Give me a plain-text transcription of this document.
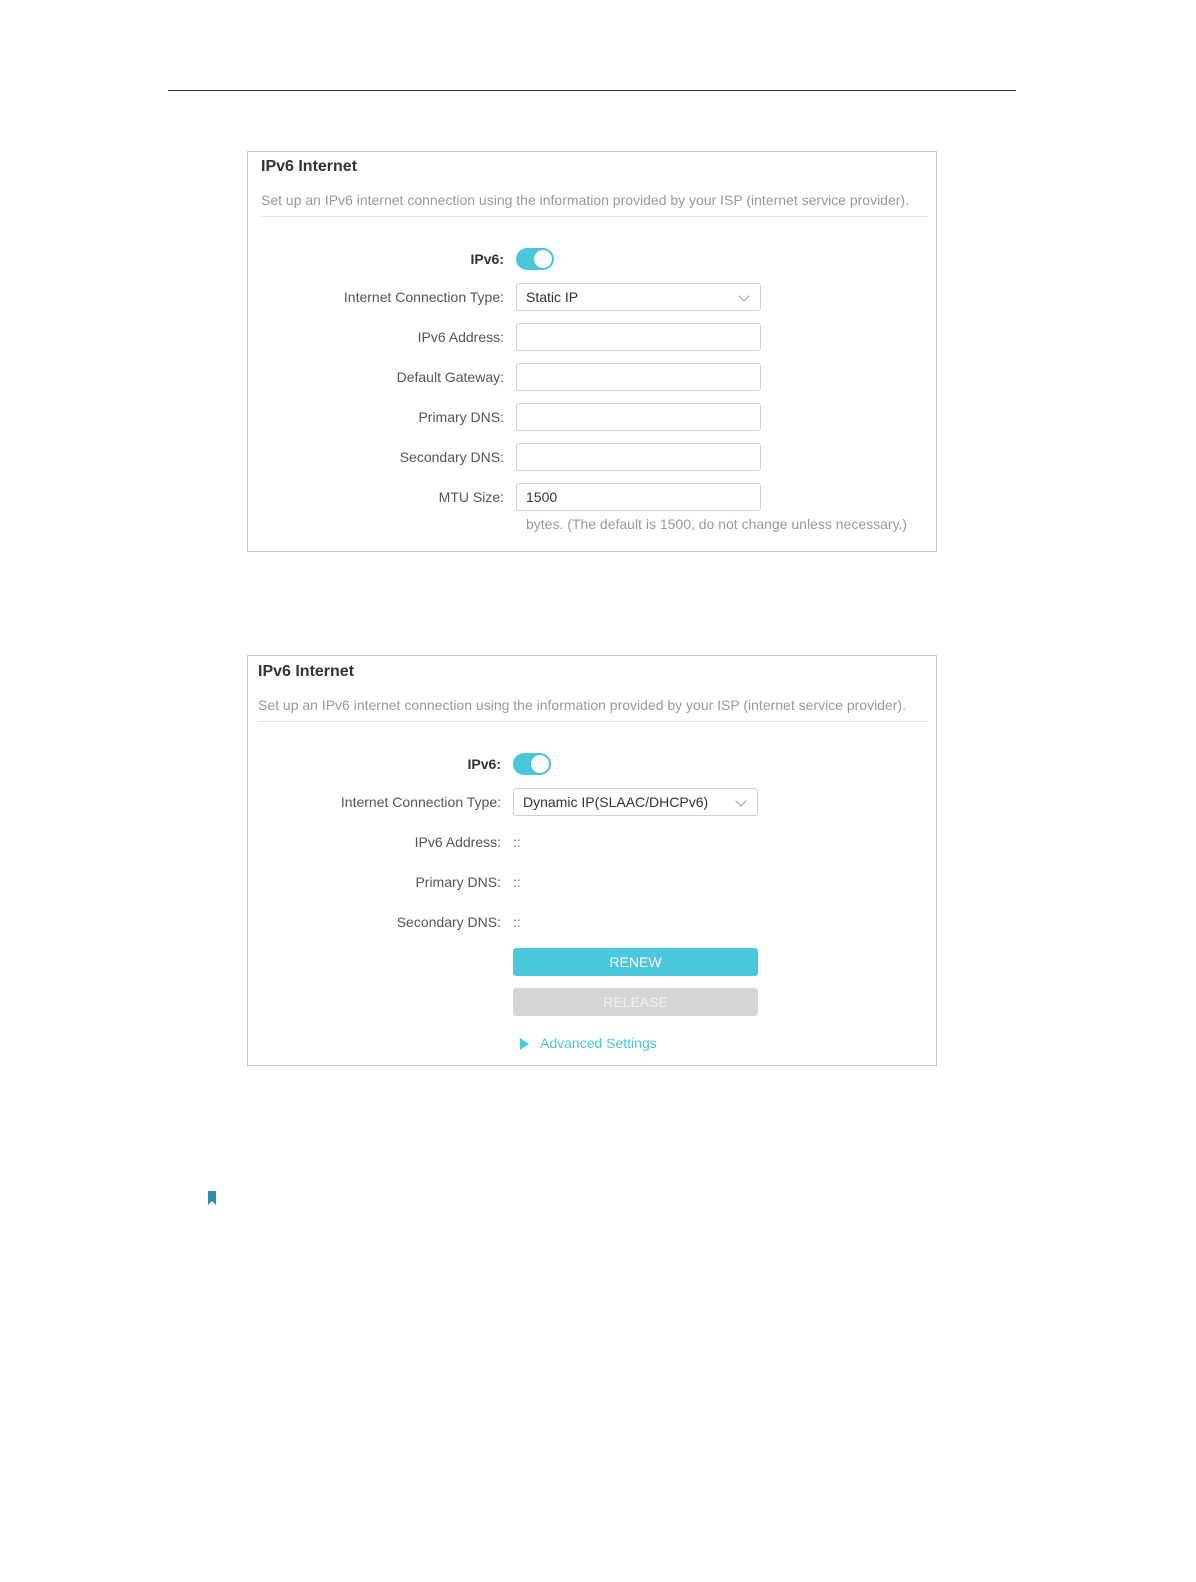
IPv6 Internet
Set up an IPv6 internet connection using the information provided by your ISP (internet service provider).
IPv6:
Internet Connection Type:	Static IP
IPv6 Address:
Default Gateway:
Primary DNS:
Secondary DNS:
MTU Size:	1500
bytes. (The default is 1500, do not change unless necessary.)
IPv6 Internet
Set up an IPv6 internet connection using the information provided by your ISP (internet service provider).
IPv6:
Internet Connection Type:	Dynamic IP(SLAAC/DHCPv6)
IPv6 Address: ::
Primary DNS: ::
Secondary DNS: ::
RENEW
RELEASE
Advanced Settings
